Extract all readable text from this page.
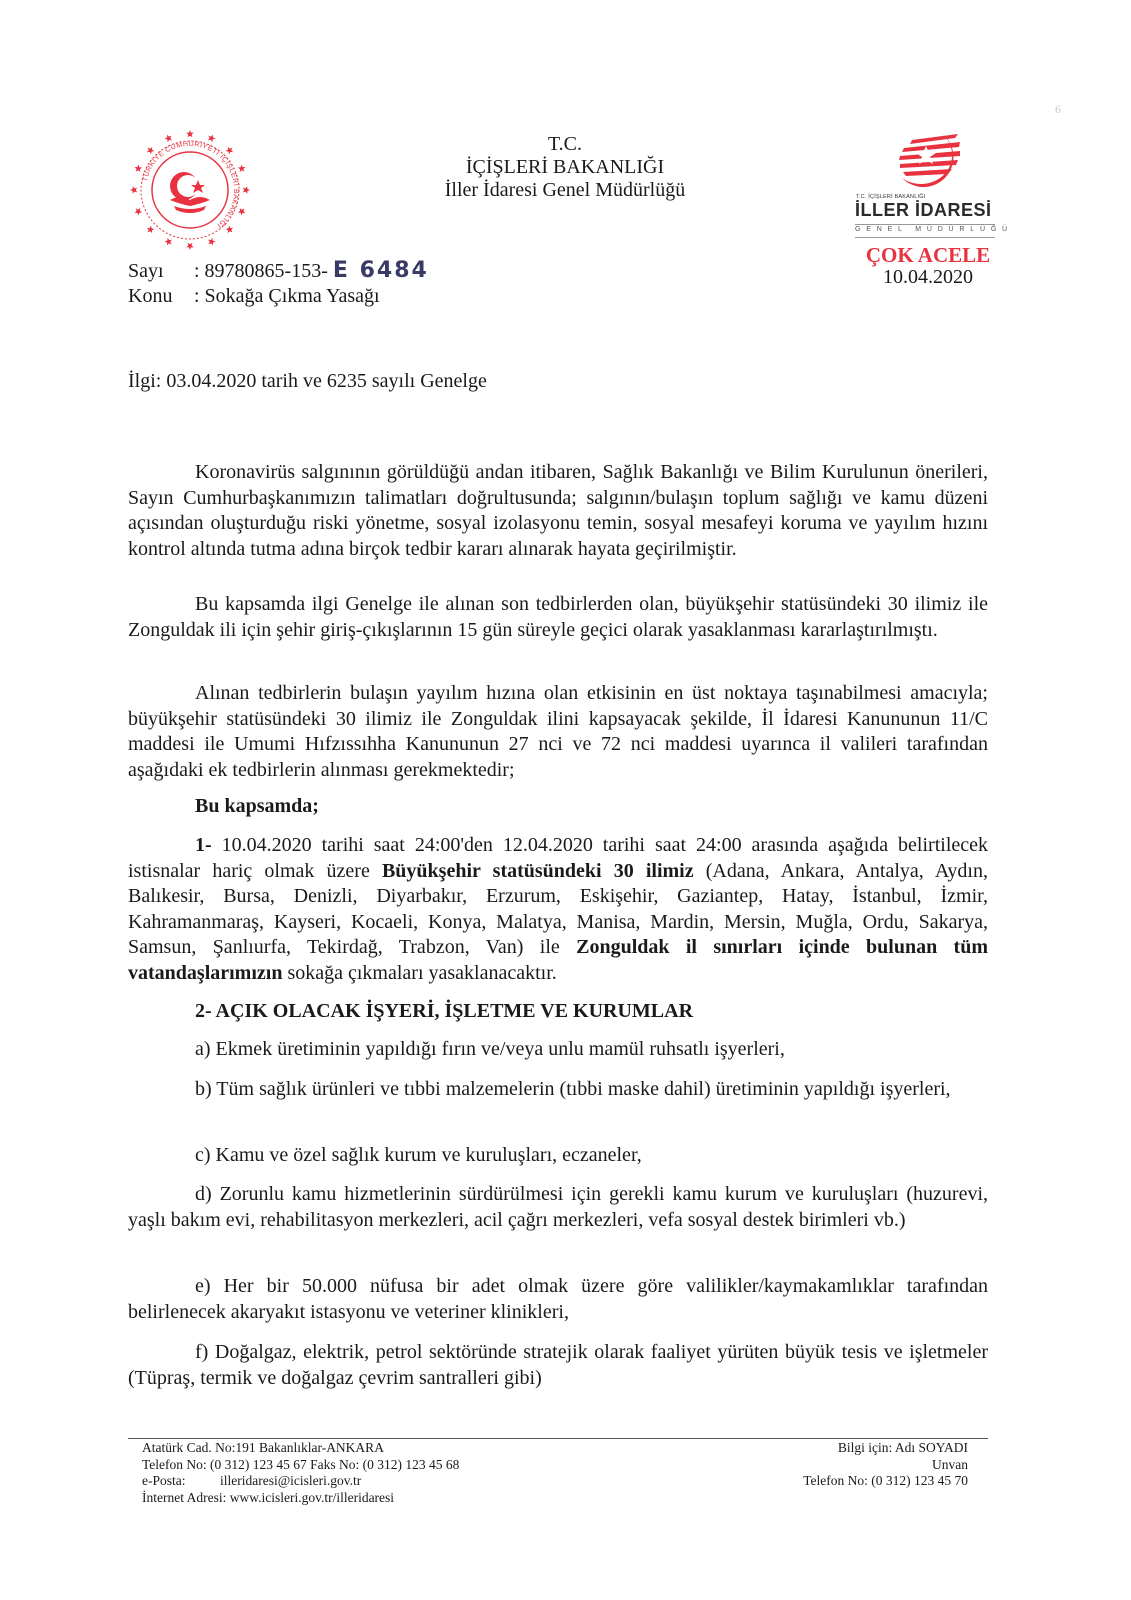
TÜRKİYE CUMHURİYETİ İÇİŞLERİ BAKANLIĞI
T.C.
İÇİŞLERİ BAKANLIĞI
İller İdaresi Genel Müdürlüğü	T.C. İÇİŞLERİ BAKANLIĞI
İLLER İDARESİ
GENEL MÜDÜRLÜĞÜ
ÇOK ACELE
10.04.2020
Sayı : 89780865-153- E 6484
Konu : Sokağa Çıkma Yasağı
İlgi: 03.04.2020 tarih ve 6235 sayılı Genelge
Koronavirüs salgınının görüldüğü andan itibaren, Sağlık Bakanlığı ve Bilim Kurulunun önerileri, Sayın Cumhurbaşkanımızın talimatları doğrultusunda; salgının/bulaşın toplum sağlığı ve kamu düzeni açısından oluşturduğu riski yönetme, sosyal izolasyonu temin, sosyal mesafeyi koruma ve yayılım hızını kontrol altında tutma adına birçok tedbir kararı alınarak hayata geçirilmiştir.
Bu kapsamda ilgi Genelge ile alınan son tedbirlerden olan, büyükşehir statüsündeki 30 ilimiz ile Zonguldak ili için şehir giriş-çıkışlarının 15 gün süreyle geçici olarak yasaklanması kararlaştırılmıştı.
Alınan tedbirlerin bulaşın yayılım hızına olan etkisinin en üst noktaya taşınabilmesi amacıyla; büyükşehir statüsündeki 30 ilimiz ile Zonguldak ilini kapsayacak şekilde, İl İdaresi Kanununun 11/C maddesi ile Umumi Hıfzıssıhha Kanununun 27 nci ve 72 nci maddesi uyarınca il valileri tarafından aşağıdaki ek tedbirlerin alınması gerekmektedir;
Bu kapsamda;
1- 10.04.2020 tarihi saat 24:00'den 12.04.2020 tarihi saat 24:00 arasında aşağıda belirtilecek istisnalar hariç olmak üzere Büyükşehir statüsündeki 30 ilimiz (Adana, Ankara, Antalya, Aydın, Balıkesir, Bursa, Denizli, Diyarbakır, Erzurum, Eskişehir, Gaziantep, Hatay, İstanbul, İzmir, Kahramanmaraş, Kayseri, Kocaeli, Konya, Malatya, Manisa, Mardin, Mersin, Muğla, Ordu, Sakarya, Samsun, Şanlıurfa, Tekirdağ, Trabzon, Van) ile Zonguldak il sınırları içinde bulunan tüm vatandaşlarımızın sokağa çıkmaları yasaklanacaktır.
2- AÇIK OLACAK İŞYERİ, İŞLETME VE KURUMLAR
a) Ekmek üretiminin yapıldığı fırın ve/veya unlu mamül ruhsatlı işyerleri,
b) Tüm sağlık ürünleri ve tıbbi malzemelerin (tıbbi maske dahil) üretiminin yapıldığı işyerleri,
c) Kamu ve özel sağlık kurum ve kuruluşları, eczaneler,
d) Zorunlu kamu hizmetlerinin sürdürülmesi için gerekli kamu kurum ve kuruluşları (huzurevi, yaşlı bakım evi, rehabilitasyon merkezleri, acil çağrı merkezleri, vefa sosyal destek birimleri vb.)
e) Her bir 50.000 nüfusa bir adet olmak üzere göre valilikler/kaymakamlıklar tarafından belirlenecek akaryakıt istasyonu ve veteriner klinikleri,
f) Doğalgaz, elektrik, petrol sektöründe stratejik olarak faaliyet yürüten büyük tesis ve işletmeler (Tüpraş, termik ve doğalgaz çevrim santralleri gibi)
Atatürk Cad. No:191 Bakanlıklar-ANKARA
Telefon No: (0 312) 123 45 67 Faks No: (0 312) 123 45 68
e-Posta:	illeridaresi@icisleri.gov.tr
İnternet Adresi: www.icisleri.gov.tr/illeridaresi
Bilgi için: Adı SOYADI
Unvan
Telefon No: (0 312) 123 45 70
6
